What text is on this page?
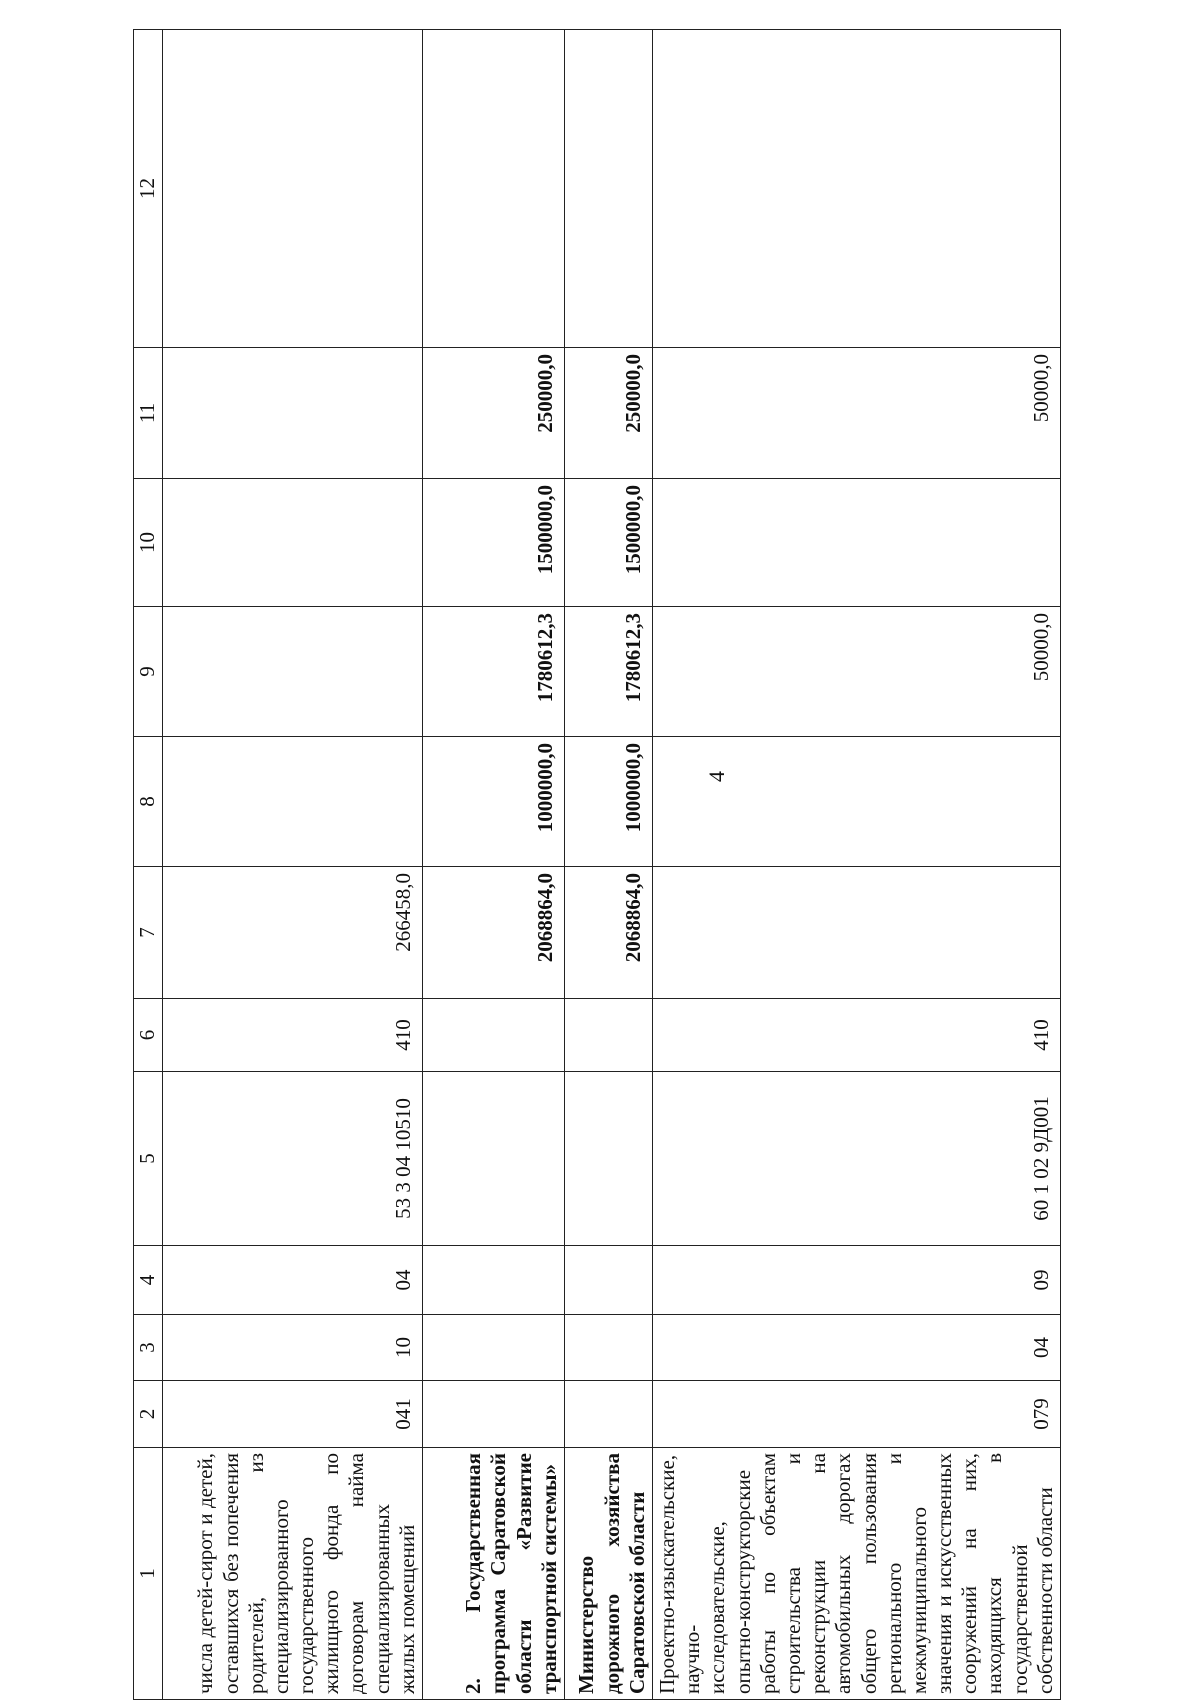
4
1	2	3	4	5	6	7	8	9	10	11	12
числа детей-сирот и детей, оставшихся без попечения родителей, из специализированного государственного жилищного фонда по договорам найма специализированных жилых помещений	041	10	04	53 3 04 10510	410	266458,0					
2. Государственная программа Саратовской области «Развитие транспортной системы»						2068864,0	1000000,0	1780612,3	1500000,0	250000,0	
Министерство дорожного хозяйства Саратовской области						2068864,0	1000000,0	1780612,3	1500000,0	250000,0	
Проектно-изыскательские, научно-исследовательские, опытно-конструкторские работы по объектам строительства и реконструкции на автомобильных дорогах общего пользования регионального и межмуниципального значения и искусственных сооружений на них, находящихся в государственной собственности области	079	04	09	60 1 02 9Д001	410			50000,0		50000,0	
